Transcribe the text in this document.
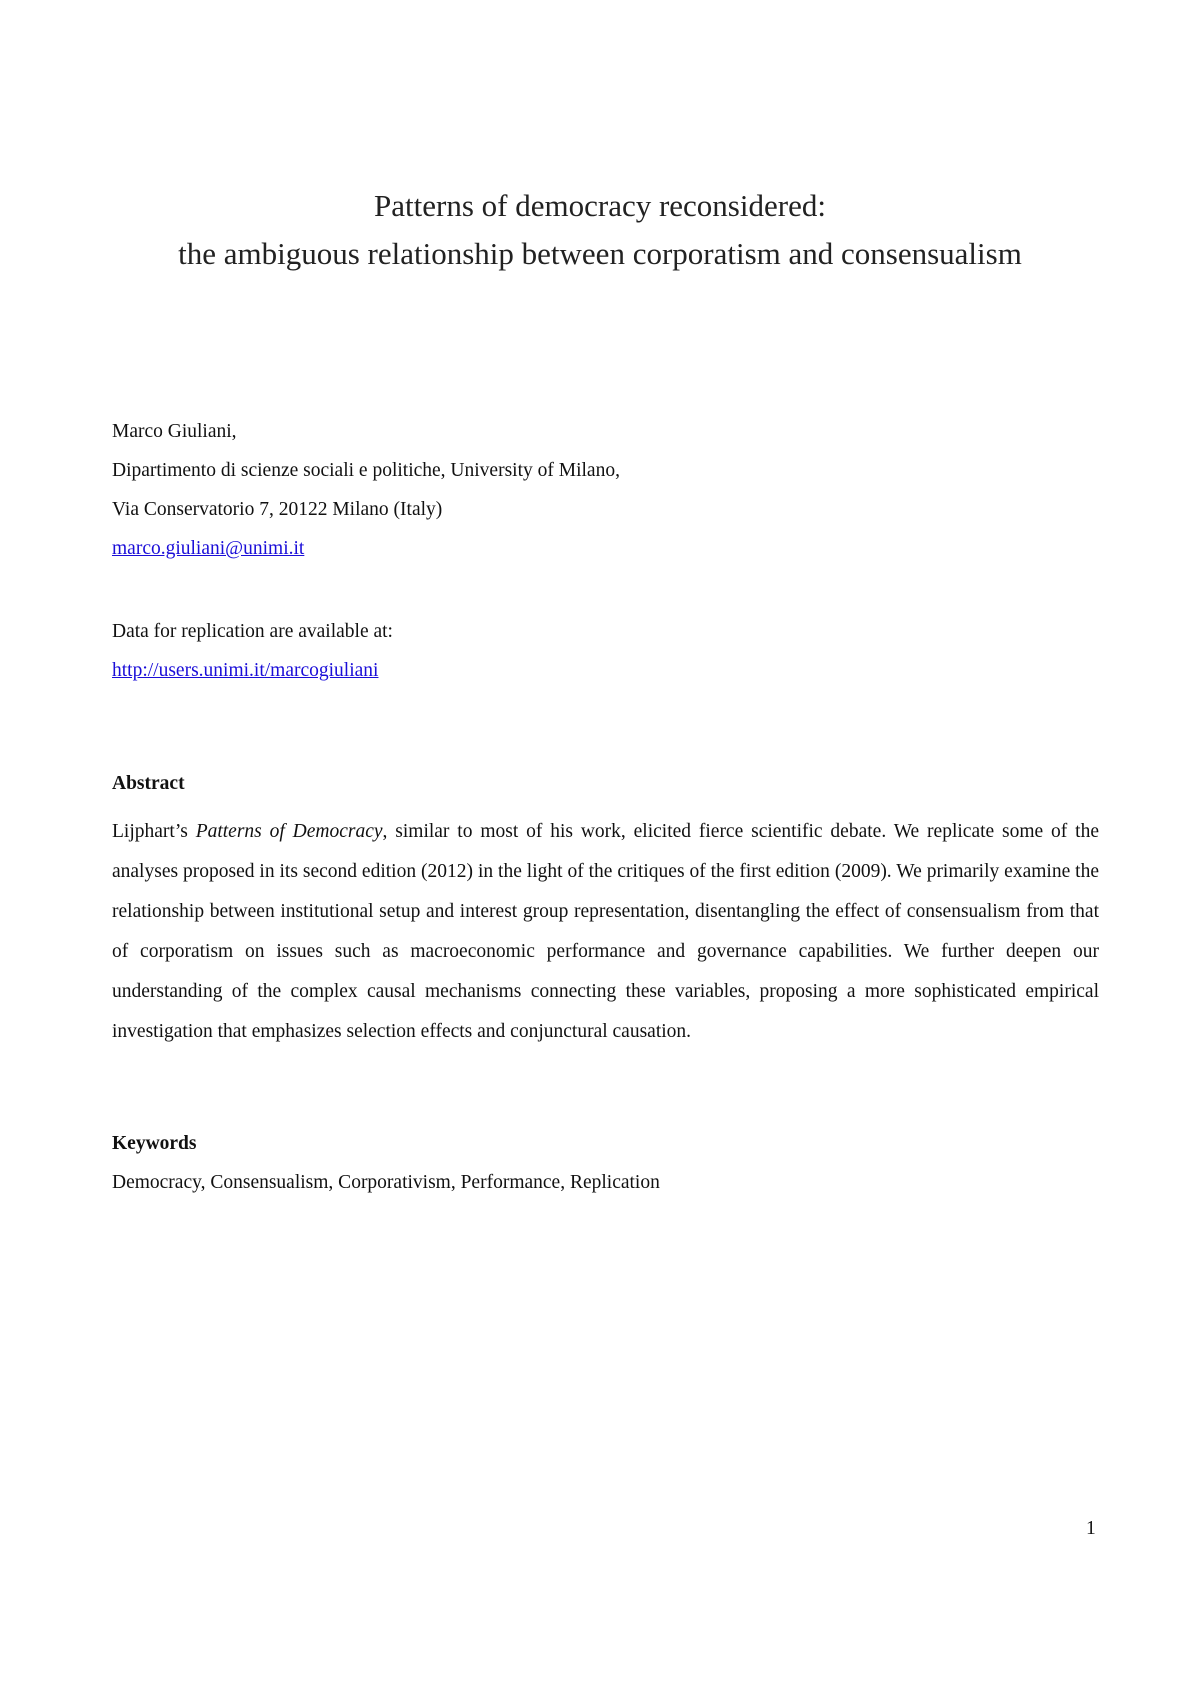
Patterns of democracy reconsidered:
the ambiguous relationship between corporatism and consensualism
Marco Giuliani,
Dipartimento di scienze sociali e politiche, University of Milano,
Via Conservatorio 7, 20122 Milano (Italy)
marco.giuliani@unimi.it
Data for replication are available at:
http://users.unimi.it/marcogiuliani
Abstract
Lijphart’s Patterns of Democracy, similar to most of his work, elicited fierce scientific debate. We replicate some of the analyses proposed in its second edition (2012) in the light of the critiques of the first edition (2009). We primarily examine the relationship between institutional setup and interest group representation, disentangling the effect of consensualism from that of corporatism on issues such as macroeconomic performance and governance capabilities. We further deepen our understanding of the complex causal mechanisms connecting these variables, proposing a more sophisticated empirical investigation that emphasizes selection effects and conjunctural causation.
Keywords
Democracy, Consensualism, Corporativism, Performance, Replication
1
